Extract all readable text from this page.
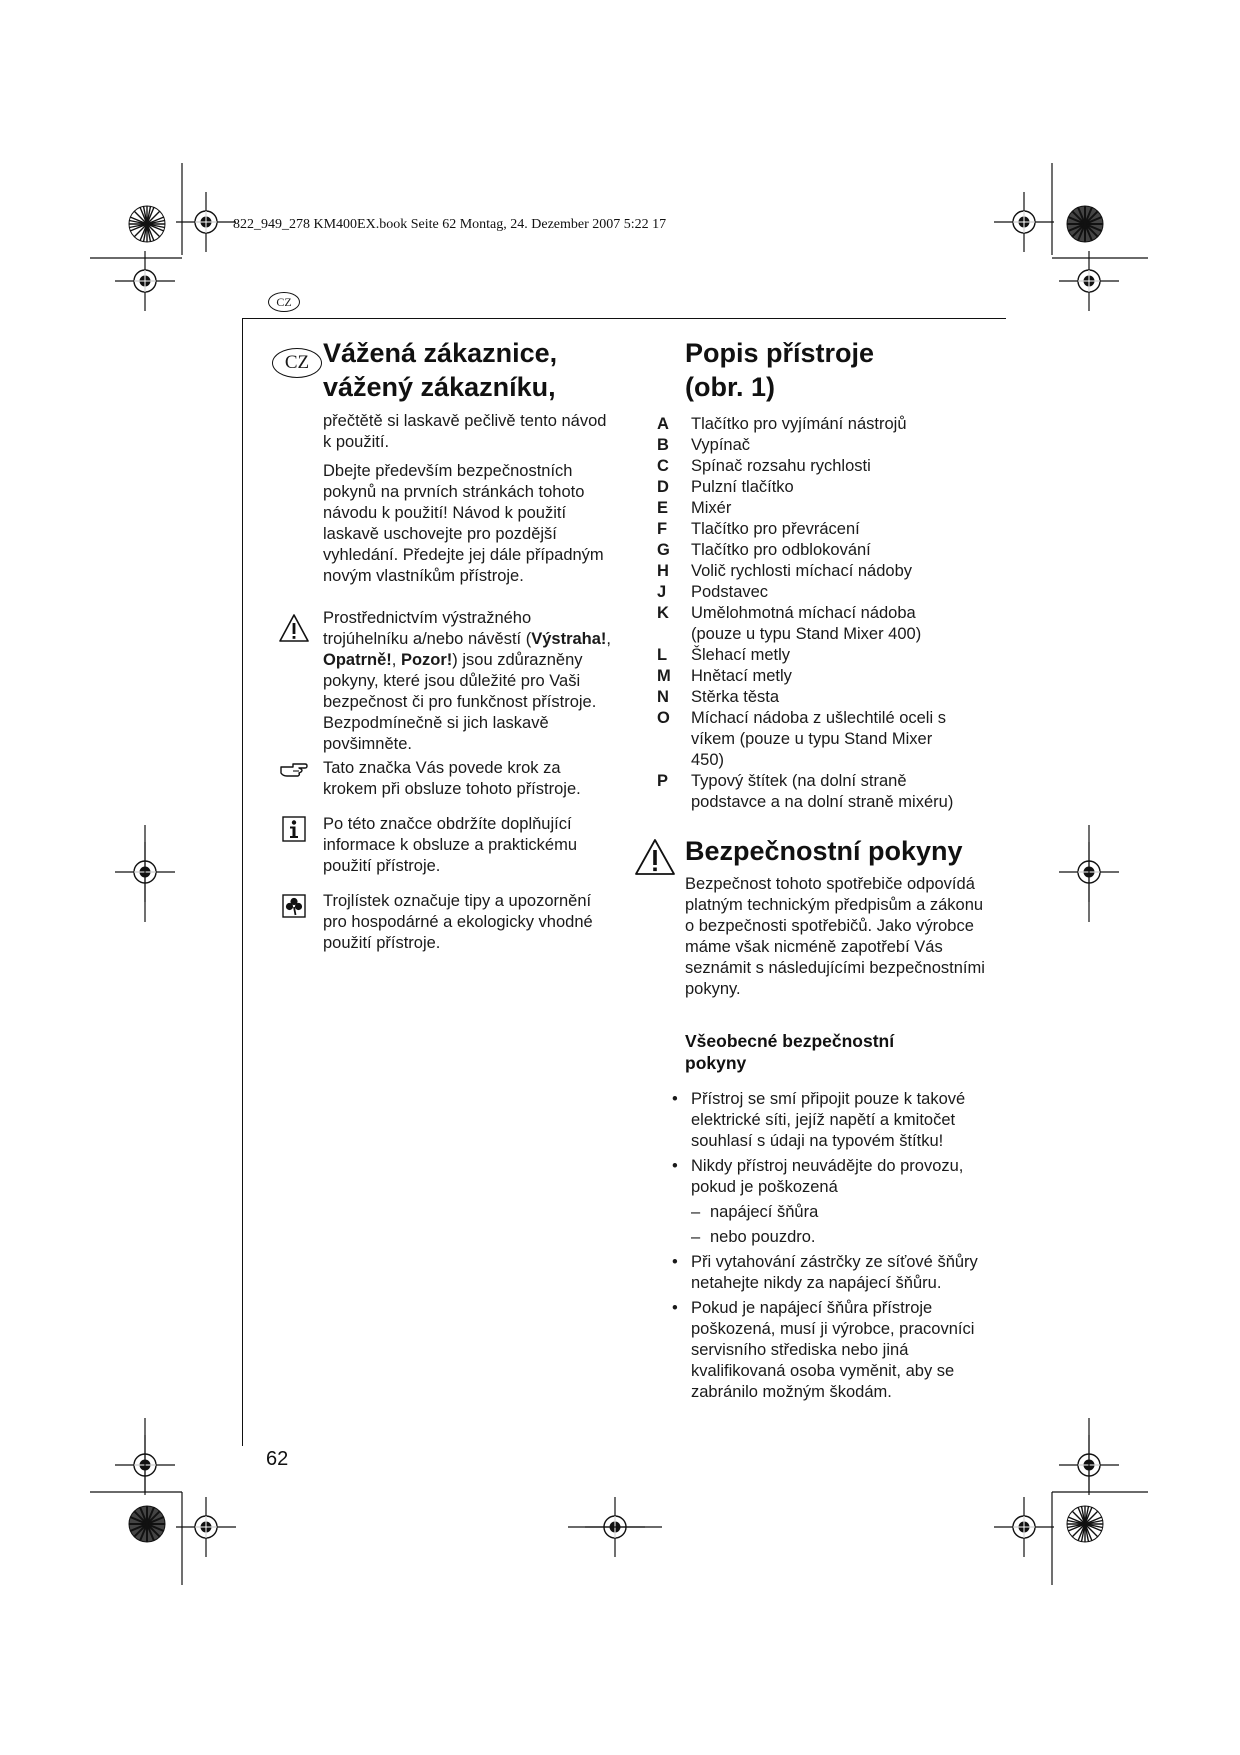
822_949_278 KM400EX.book Seite 62 Montag, 24. Dezember 2007 5:22 17
CZ
CZ Vážená zákaznice,
vážený zákazníku,

přečtětě si laskavě pečlivě tento návod k použití.

Dbejte především bezpečnostních pokynů na prvních stránkách tohoto návodu k použití! Návod k použití laskavě uschovejte pro pozdější vyhledání. Předejte jej dále případným novým vlastníkům přístroje.

Prostřednictvím výstražného trojúhelníku a/nebo návěstí (Výstraha!, Opatrně!, Pozor!) jsou zdůrazněny pokyny, které jsou důležité pro Vaši bezpečnost či pro funkčnost přístroje. Bezpodmínečně si jich laskavě povšimněte.
Tato značka Vás povede krok za krokem při obsluze tohoto přístroje.
Po této značce obdržíte doplňující informace k obsluze a praktickému použití přístroje.
Trojlístek označuje tipy a upozornění pro hospodárné a ekologicky vhodné použití přístroje.
Popis přístroje
(obr. 1)
A Tlačítko pro vyjímání nástrojů
B Vypínač
C Spínač rozsahu rychlosti
D Pulzní tlačítko
E Mixér
F Tlačítko pro převrácení
G Tlačítko pro odblokování
H Volič rychlosti míchací nádoby
J Podstavec
K Umělohmotná míchací nádoba (pouze u typu Stand Mixer 400)
L Šlehací metly
M Hnětací metly
N Stěrka těsta
O Míchací nádoba z ušlechtilé oceli s víkem (pouze u typu Stand Mixer 450)
P Typový štítek (na dolní straně podstavce a na dolní straně mixéru)
Bezpečnostní pokyny
Bezpečnost tohoto spotřebiče odpovídá platným technickým předpisům a zákonu o bezpečnosti spotřebičů. Jako výrobce máme však nicméně zapotřebí Vás seznámit s následujícími bezpečnostními pokyny.
Všeobecné bezpečnostní
pokyny
• Přístroj se smí připojit pouze k takové elektrické síti, jejíž napětí a kmitočet souhlasí s údaji na typovém štítku!
• Nikdy přístroj neuvádějte do provozu, pokud je poškozená
– napájecí šňůra
– nebo pouzdro.
• Při vytahování zástrčky ze síťové šňůry netahejte nikdy za napájecí šňůru.
• Pokud je napájecí šňůra přístroje poškozená, musí ji výrobce, pracovníci servisního střediska nebo jiná kvalifikovaná osoba vyměnit, aby se zabránilo možným škodám.
62
